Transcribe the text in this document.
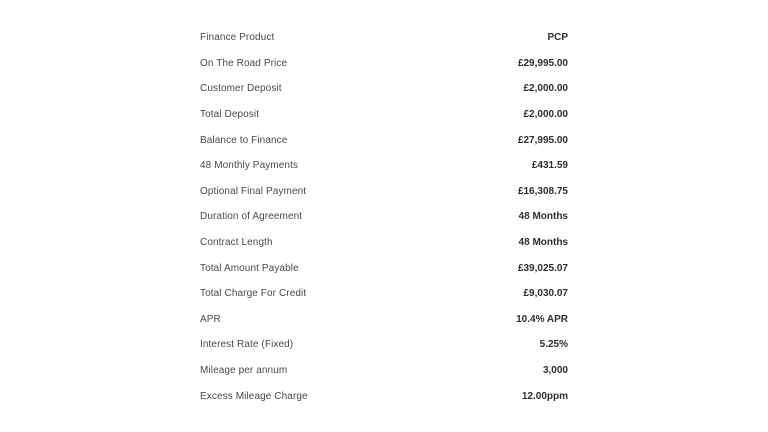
Finance Product	PCP
On The Road Price	£29,995.00
Customer Deposit	£2,000.00
Total Deposit	£2,000.00
Balance to Finance	£27,995.00
48 Monthly Payments	£431.59
Optional Final Payment	£16,308.75
Duration of Agreement	48 Months
Contract Length	48 Months
Total Amount Payable	£39,025.07
Total Charge For Credit	£9,030.07
APR	10.4% APR
Interest Rate (Fixed)	5.25%
Mileage per annum	3,000
Excess Mileage Charge	12.00ppm
